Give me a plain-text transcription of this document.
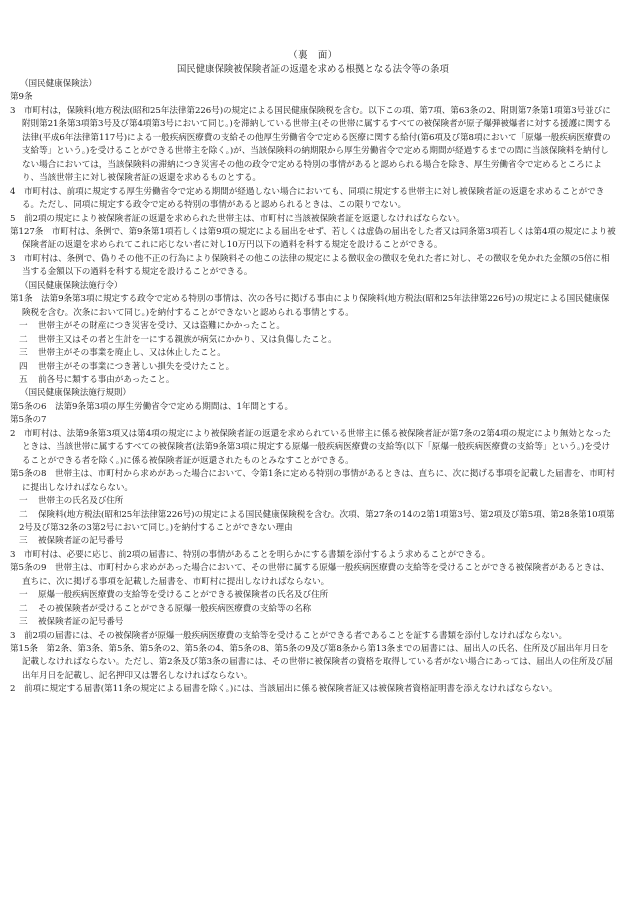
（裏　面）
国民健康保険被保険者証の返還を求める根拠となる法令等の条項

（国民健康保険法）

第9条

3　市町村は，保険料(地方税法(昭和25年法律第226号)の規定による国民健康保険税を含む。以下この項、第7項、第63条の2、附則第7条第1項第3号並びに附則第21条第3項第3号及び第4項第3号において同じ。)を滞納している世帯主(その世帯に属するすべての被保険者が原子爆弾被爆者に対する援護に関する法律(平成6年法律第117号)による一般疾病医療費の支給その他厚生労働省令で定める医療に関する給付(第6項及び第8項において「原爆一般疾病医療費の支給等」という。)を受けることができる世帯主を除く。)が、当該保険料の納期限から厚生労働省令で定める期間が経過するまでの間に当該保険料を納付しない場合においては，当該保険料の滞納につき災害その他の政令で定める特別の事情があると認められる場合を除き、厚生労働省令で定めるところにより、当該世帯主に対し被保険者証の返還を求めるものとする。

4　市町村は、前項に規定する厚生労働省令で定める期間が経過しない場合においても、同項に規定する世帯主に対し被保険者証の返還を求めることができる。ただし、同項に規定する政令で定める特別の事情があると認められるときは、この限りでない。

5　前2項の規定により被保険者証の返還を求められた世帯主は、市町村に当該被保険者証を返還しなければならない。

第127条　市町村は、条例で、第9条第1項若しくは第9項の規定による届出をせず、若しくは虚偽の届出をした者又は同条第3項若しくは第4項の規定により被保険者証の返還を求められてこれに応じない者に対し10万円以下の過料を科する規定を設けることができる。

3　市町村は、条例で、偽りその他不正の行為により保険料その他この法律の規定による徴収金の徴収を免れた者に対し、その徴収を免かれた金額の5倍に相当する金額以下の過料を科する規定を設けることができる。

（国民健康保険法施行令）

第1条　法第9条第3項に規定する政令で定める特別の事情は、次の各号に掲げる事由により保険料(地方税法(昭和25年法律第226号)の規定による国民健康保険税を含む。次条において同じ。)を納付することができないと認められる事情とする。

一 世帯主がその財産につき災害を受け、又は盗難にかかったこと。

二 世帯主又はその者と生計を一にする親族が病気にかかり、又は負傷したこと。

三 世帯主がその事業を廃止し、又は休止したこと。

四 世帯主がその事業につき著しい損失を受けたこと。

五 前各号に類する事由があったこと。

（国民健康保険法施行規則）

第5条の6　法第9条第3項の厚生労働省令で定める期間は、1年間とする。

第5条の7

2　市町村は、法第9条第3項又は第4項の規定により被保険者証の返還を求められている世帯主に係る被保険者証が第7条の2第4項の規定により無効となったときは、当該世帯に属するすべての被保険者(法第9条第3項に規定する原爆一般疾病医療費の支給等(以下「原爆一般疾病医療費の支給等」という。)を受けることができる者を除く。)に係る被保険者証が返還されたものとみなすことができる。

第5条の8　世帯主は、市町村から求めがあった場合において、令第1条に定める特別の事情があるときは、直ちに、次に掲げる事項を記載した届書を、市町村に提出しなければならない。

一 世帯主の氏名及び住所

二 保険料(地方税法(昭和25年法律第226号)の規定による国民健康保険税を含む。次項、第27条の14の2第1項第3号、第2項及び第5項、第28条第10項第2号及び第32条の3第2号において同じ。)を納付することができない理由

三 被保険者証の記号番号

3　市町村は、必要に応じ、前2項の届書に、特別の事情があることを明らかにする書類を添付するよう求めることができる。

第5条の9　世帯主は、市町村から求めがあった場合において、その世帯に属する原爆一般疾病医療費の支給等を受けることができる被保険者があるときは、直ちに、次に掲げる事項を記載した届書を、市町村に提出しなければならない。

一 原爆一般疾病医療費の支給等を受けることができる被保険者の氏名及び住所

二 その被保険者が受けることができる原爆一般疾病医療費の支給等の名称

三 被保険者証の記号番号

3　前2項の届書には、その被保険者が原爆一般疾病医療費の支給等を受けることができる者であることを証する書類を添付しなければならない。

第15条　第2条、第3条、第5条、第5条の2、第5条の4、第5条の8、第5条の9及び第8条から第13条までの届書には、届出人の氏名、住所及び届出年月日を記載しなければならない。ただし、第2条及び第3条の届書には、その世帯に被保険者の資格を取得している者がない場合にあっては、届出人の住所及び届出年月日を記載し、記名押印又は署名しなければならない。

2　前項に規定する届書(第11条の規定による届書を除く。)には、当該届出に係る被保険者証又は被保険者資格証明書を添えなければならない。
